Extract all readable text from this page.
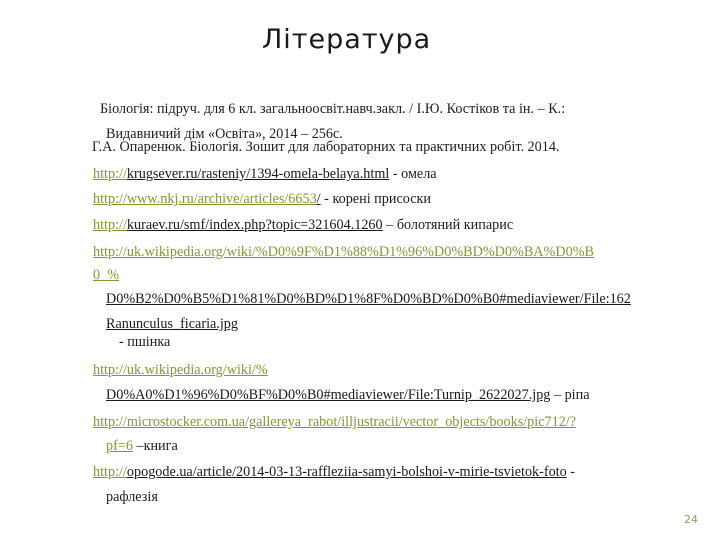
Література
Біологія: підруч. для 6 кл. загальноосвіт.навч.закл. / І.Ю. Костіков та ін. – К.:
Видавничий дім «Освіта», 2014 – 256с.
Г.А. Опаренюк. Біологія. Зошит для лабораторних та практичних робіт. 2014.
http://krugsever.ru/rasteniy/1394-omela-belaya.html - омела
http://www.nkj.ru/archive/articles/6653/ - корені присоски
http://kuraev.ru/smf/index.php?topic=321604.1260 – болотяний кипарис
http://uk.wikipedia.org/wiki/%D0%9F%D1%88%D1%96%D0%BD%D0%BA%D0%B
0_%
D0%B2%D0%B5%D1%81%D0%BD%D1%8F%D0%BD%D0%B0#mediaviewer/File:162
Ranunculus_ficaria.jpg
- пшінка
http://uk.wikipedia.org/wiki/%
D0%A0%D1%96%D0%BF%D0%B0#mediaviewer/File:Turnip_2622027.jpg – ріпа
http://microstocker.com.ua/gallereya_rabot/illjustracii/vector_objects/books/pic712/?
pf=6 –книга
http://opogode.ua/article/2014-03-13-raffleziia-samyi-bolshoi-v-mirie-tsvietok-foto -
рафлезія
24
